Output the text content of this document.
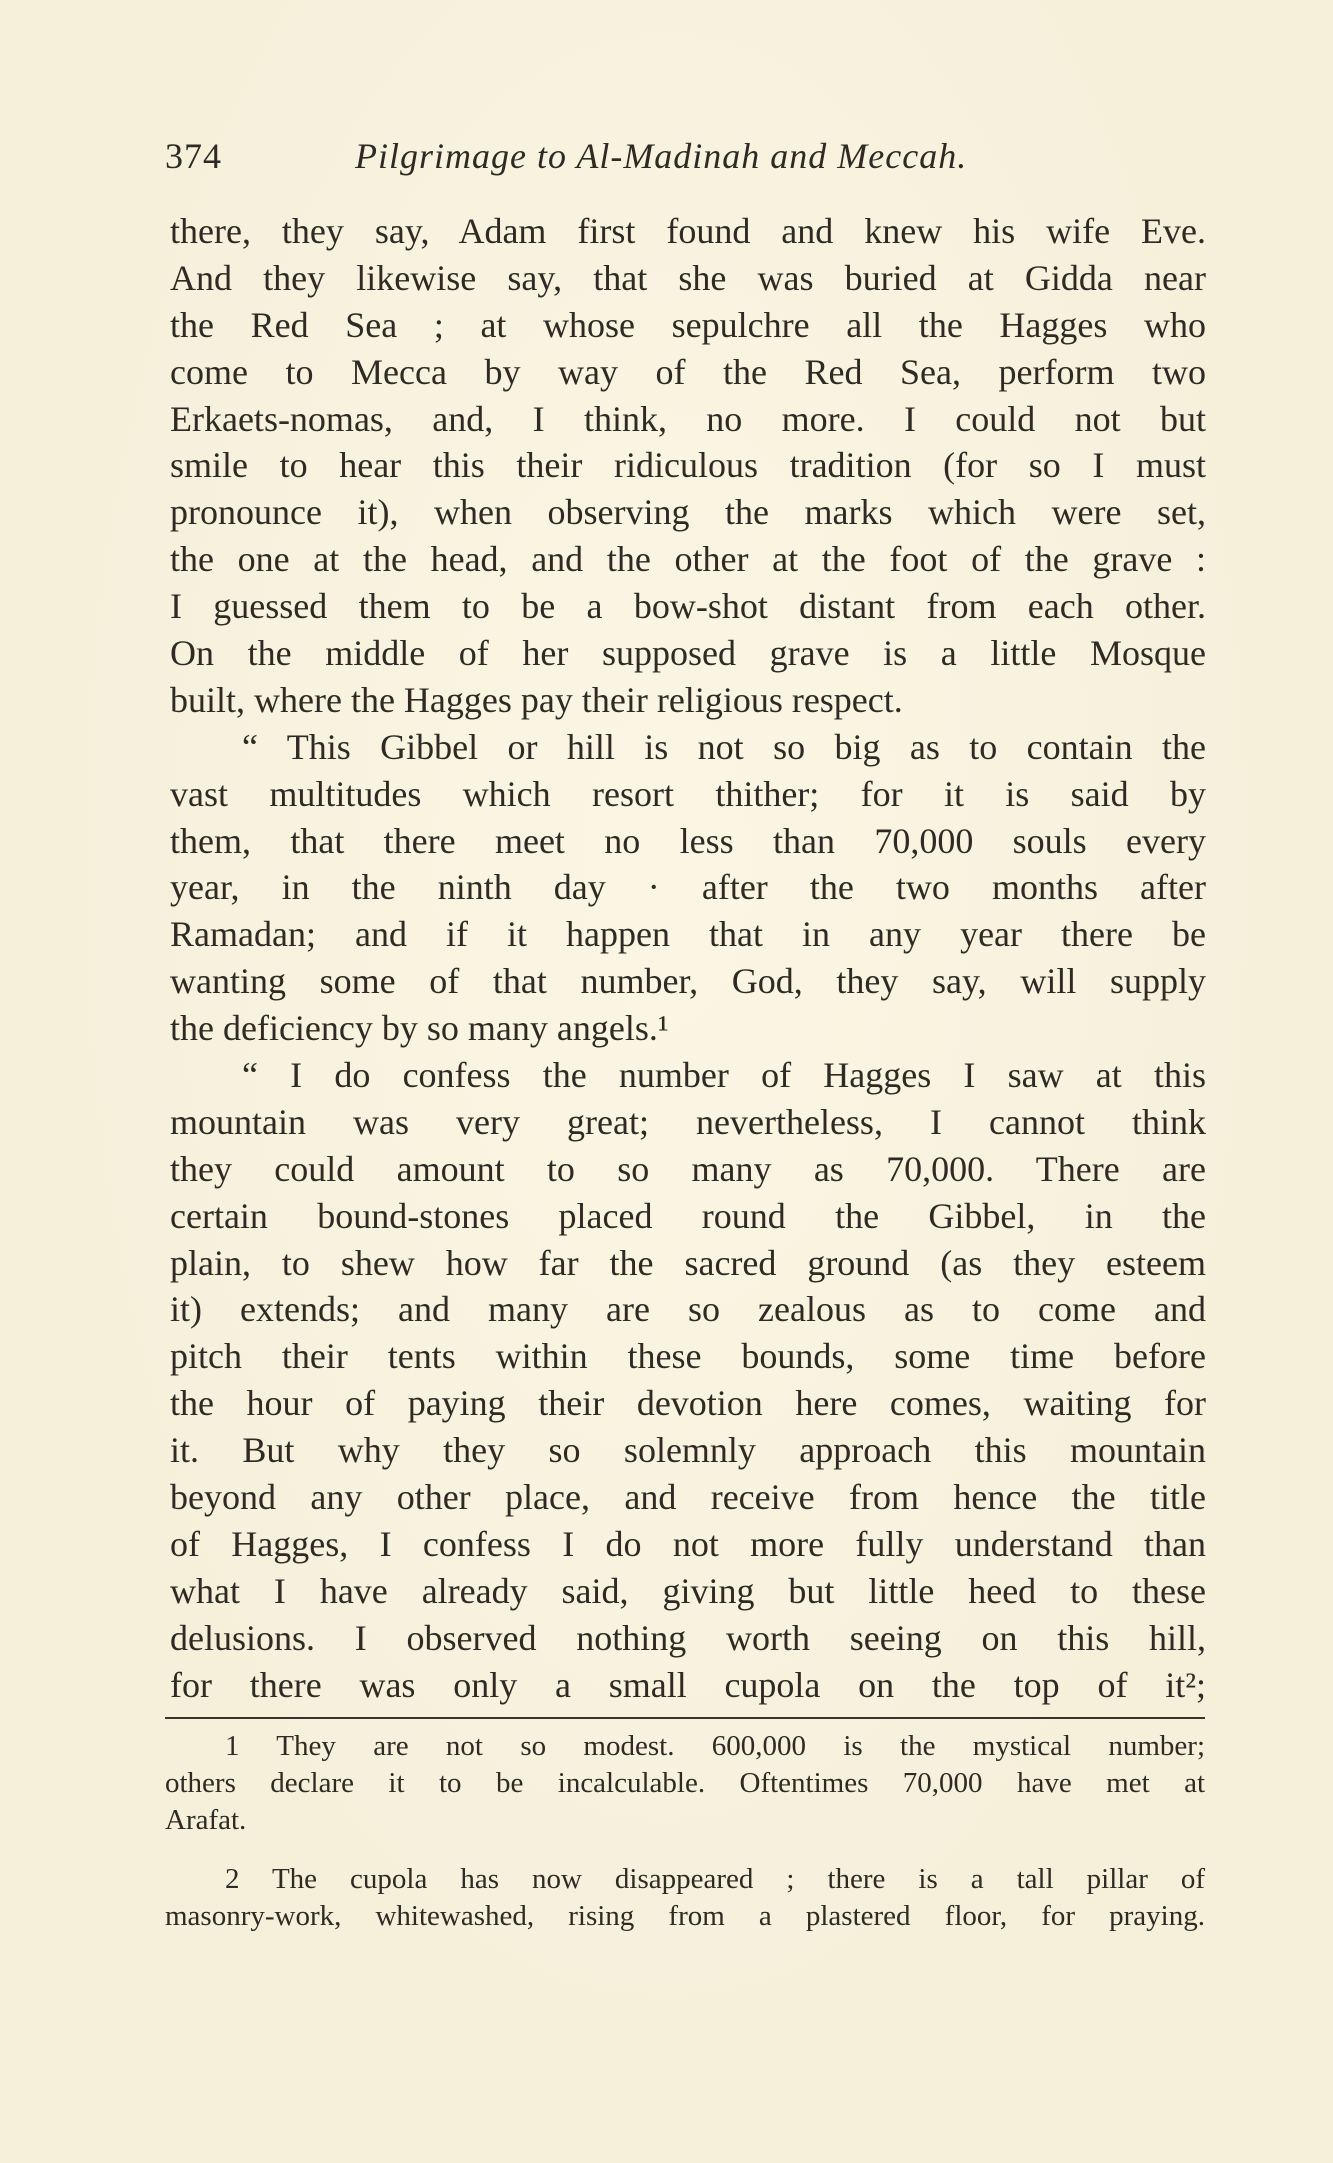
374	Pilgrimage to Al-Madinah and Meccah.
there, they say, Adam first found and knew his wife Eve.
And they likewise say, that she was buried at Gidda near
the Red Sea ; at whose sepulchre all the Hagges who
come to Mecca by way of the Red Sea, perform two
Erkaets-nomas, and, I think, no more. I could not but
smile to hear this their ridiculous tradition (for so I must
pronounce it), when observing the marks which were set,
the one at the head, and the other at the foot of the grave :
I guessed them to be a bow-shot distant from each other.
On the middle of her supposed grave is a little Mosque
built, where the Hagges pay their religious respect.
“ This Gibbel or hill is not so big as to contain the
vast multitudes which resort thither; for it is said by
them, that there meet no less than 70,000 souls every
year, in the ninth day · after the two months after
Ramadan; and if it happen that in any year there be
wanting some of that number, God, they say, will supply
the deficiency by so many angels.¹
“ I do confess the number of Hagges I saw at this
mountain was very great; nevertheless, I cannot think
they could amount to so many as 70,000. There are
certain bound-stones placed round the Gibbel, in the
plain, to shew how far the sacred ground (as they esteem
it) extends; and many are so zealous as to come and
pitch their tents within these bounds, some time before
the hour of paying their devotion here comes, waiting for
it. But why they so solemnly approach this mountain
beyond any other place, and receive from hence the title
of Hagges, I confess I do not more fully understand than
what I have already said, giving but little heed to these
delusions. I observed nothing worth seeing on this hill,
for there was only a small cupola on the top of it²;
1 They are not so modest. 600,000 is the mystical number;
others declare it to be incalculable. Oftentimes 70,000 have met at
Arafat.
2 The cupola has now disappeared ; there is a tall pillar of
masonry-work, whitewashed, rising from a plastered floor, for praying.
